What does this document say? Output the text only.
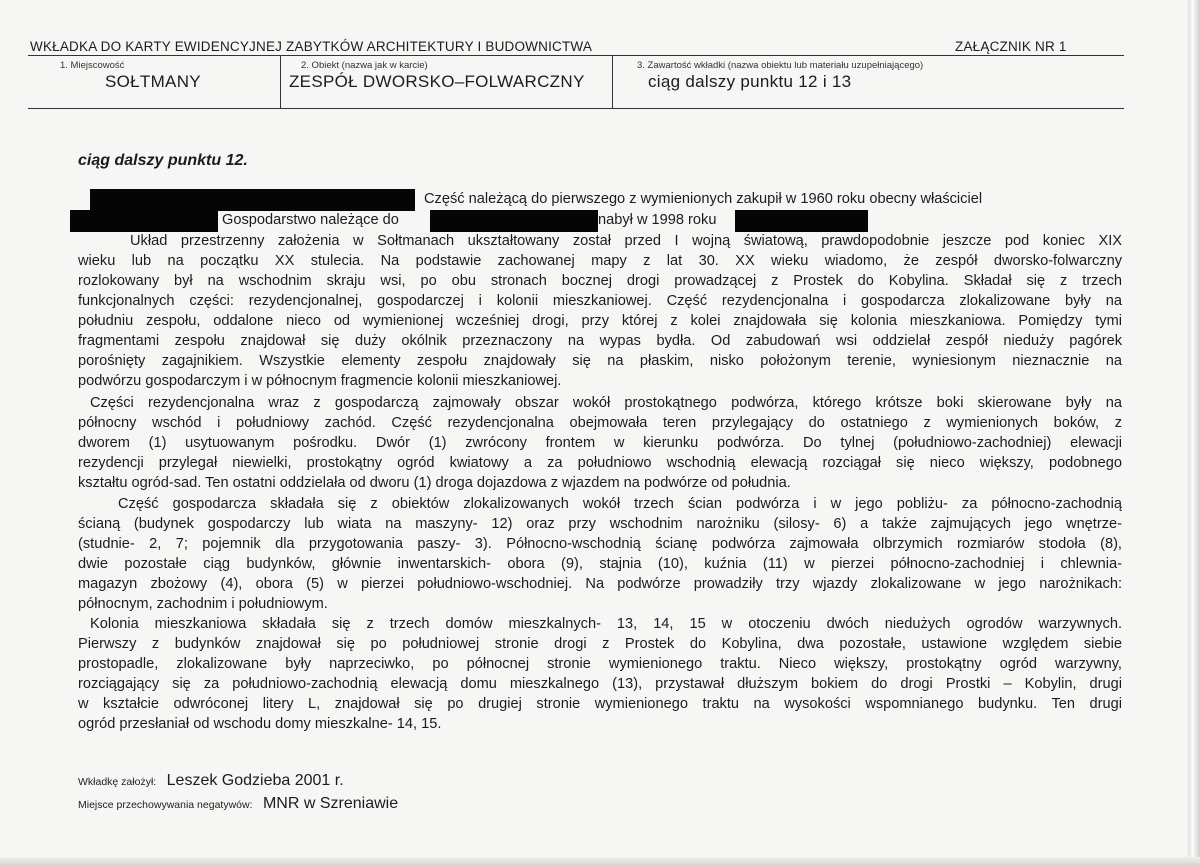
WKŁADKA DO KARTY EWIDENCYJNEJ ZABYTKÓW ARCHITEKTURY I BUDOWNICTWA	ZAŁĄCZNIK NR 1
1. Miejscowość
SOŁTMANY
2. Obiekt (nazwa jak w karcie)
ZESPÓŁ DWORSKO–FOLWARCZNY
3. Zawartość wkładki (nazwa obiektu lub materiału uzupełniającego)
ciąg dalszy punktu 12 i 13
ciąg dalszy punktu 12.
Część należącą do pierwszego z wymienionych zakupił w 1960 roku obecny właściciel
Gospodarstwo należące do	nabył w 1998 roku
Układ przestrzenny założenia w Sołtmanach ukształtowany został przed I wojną światową, prawdopodobnie jeszcze pod koniec XIX
wieku lub na początku XX stulecia. Na podstawie zachowanej mapy z lat 30. XX wieku wiadomo, że zespół dworsko-folwarczny
rozlokowany był na wschodnim skraju wsi, po obu stronach bocznej drogi prowadzącej z Prostek do Kobylina. Składał się z trzech
funkcjonalnych części: rezydencjonalnej, gospodarczej i kolonii mieszkaniowej. Część rezydencjonalna i gospodarcza zlokalizowane były na
południu zespołu, oddalone nieco od wymienionej wcześniej drogi, przy której z kolei znajdowała się kolonia mieszkaniowa. Pomiędzy tymi
fragmentami zespołu znajdował się duży okólnik przeznaczony na wypas bydła. Od zabudowań wsi oddzielał zespół nieduży pagórek
porośnięty zagajnikiem. Wszystkie elementy zespołu znajdowały się na płaskim, nisko położonym terenie, wyniesionym nieznacznie na
podwórzu gospodarczym i w północnym fragmencie kolonii mieszkaniowej.
Części rezydencjonalna wraz z gospodarczą zajmowały obszar wokół prostokątnego podwórza, którego krótsze boki skierowane były na
północny wschód i południowy zachód. Część rezydencjonalna obejmowała teren przylegający do ostatniego z wymienionych boków, z
dworem (1) usytuowanym pośrodku. Dwór (1) zwrócony frontem w kierunku podwórza. Do tylnej (południowo-zachodniej) elewacji
rezydencji przylegał niewielki, prostokątny ogród kwiatowy a za południowo wschodnią elewacją rozciągał się nieco większy, podobnego
kształtu ogród-sad. Ten ostatni oddzielała od dworu (1) droga dojazdowa z wjazdem na podwórze od południa.
Część gospodarcza składała się z obiektów zlokalizowanych wokół trzech ścian podwórza i w jego pobliżu- za północno-zachodnią
ścianą (budynek gospodarczy lub wiata na maszyny- 12) oraz przy wschodnim narożniku (silosy- 6) a także zajmujących jego wnętrze-
(studnie- 2, 7; pojemnik dla przygotowania paszy- 3). Północno-wschodnią ścianę podwórza zajmowała olbrzymich rozmiarów stodoła (8),
dwie pozostałe ciąg budynków, głównie inwentarskich- obora (9), stajnia (10), kuźnia (11) w pierzei północno-zachodniej i chlewnia-
magazyn zbożowy (4), obora (5) w pierzei południowo-wschodniej. Na podwórze prowadziły trzy wjazdy zlokalizowane w jego narożnikach:
północnym, zachodnim i południowym.
Kolonia mieszkaniowa składała się z trzech domów mieszkalnych- 13, 14, 15 w otoczeniu dwóch niedużych ogrodów warzywnych.
Pierwszy z budynków znajdował się po południowej stronie drogi z Prostek do Kobylina, dwa pozostałe, ustawione względem siebie
prostopadle, zlokalizowane były naprzeciwko, po północnej stronie wymienionego traktu. Nieco większy, prostokątny ogród warzywny,
rozciągający się za południowo-zachodnią elewacją domu mieszkalnego (13), przystawał dłuższym bokiem do drogi Prostki – Kobylin, drugi
w kształcie odwróconej litery L, znajdował się po drugiej stronie wymienionego traktu na wysokości wspomnianego budynku. Ten drugi
ogród przesłaniał od wschodu domy mieszkalne- 14, 15.
Wkładkę założył: Leszek Godzieba 2001 r.
Miejsce przechowywania negatywów: MNR w Szreniawie
